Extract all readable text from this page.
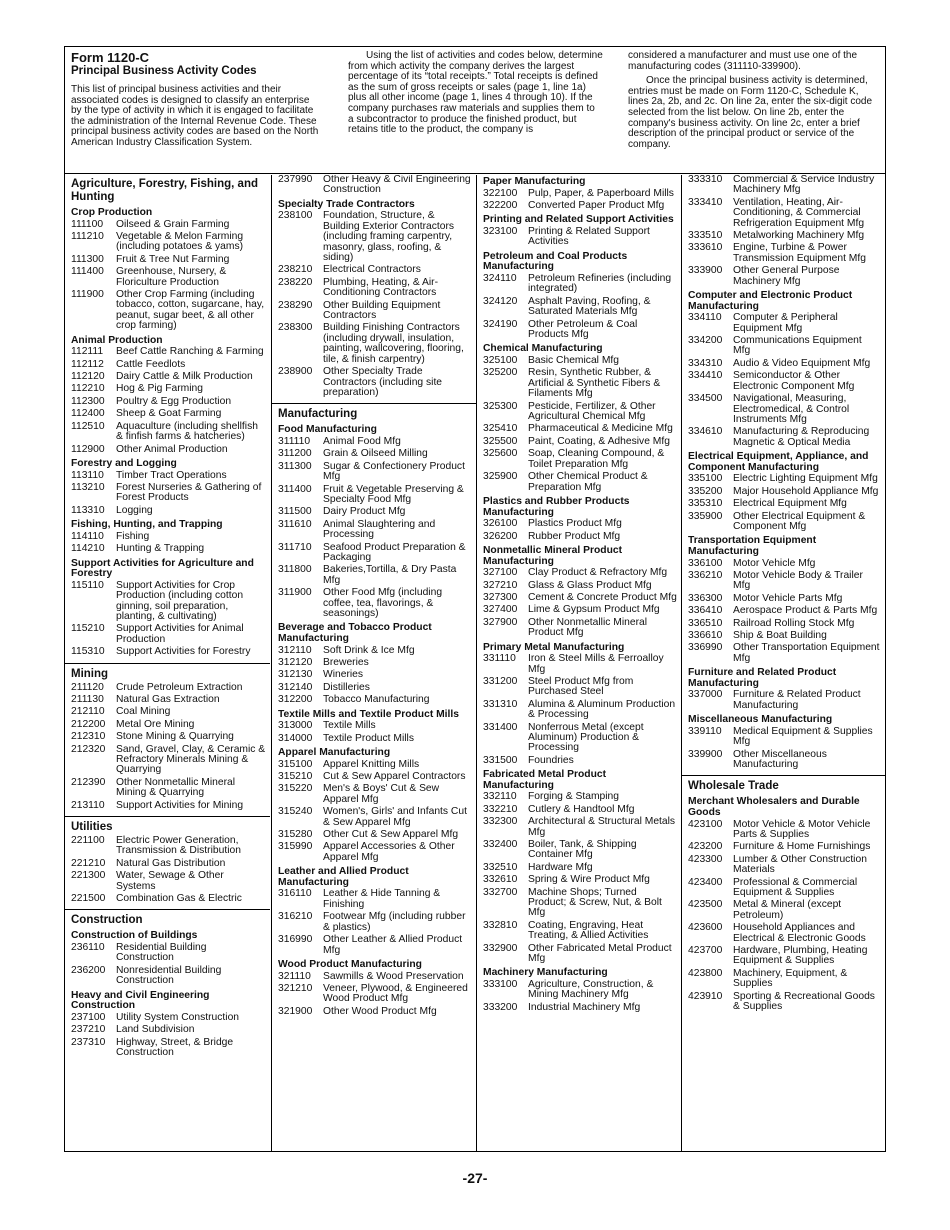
Form 1120-C
Principal Business Activity Codes
This list of principal business activities and their associated codes is designed to classify an enterprise by the type of activity in which it is engaged to facilitate the administration of the Internal Revenue Code. These principal business activity codes are based on the North American Industry Classification System.
Using the list of activities and codes below, determine from which activity the company derives the largest percentage of its “total receipts.” Total receipts is defined as the sum of gross receipts or sales (page 1, line 1a) plus all other income (page 1, lines 4 through 10). If the company purchases raw materials and supplies them to a subcontractor to produce the finished product, but retains title to the product, the company is
considered a manufacturer and must use one of the manufacturing codes (311110-339900).
Once the principal business activity is determined, entries must be made on Form 1120-C, Schedule K, lines 2a, 2b, and 2c. On line 2a, enter the six-digit code selected from the list below. On line 2b, enter the company's business activity. On line 2c, enter a brief description of the principal product or service of the company.
Agriculture, Forestry, Fishing, and Hunting
Crop Production
111100	Oilseed & Grain Farming
111210	Vegetable & Melon Farming (including potatoes & yams)
111300	Fruit & Tree Nut Farming
111400	Greenhouse, Nursery, & Floriculture Production
111900	Other Crop Farming (including tobacco, cotton, sugarcane, hay, peanut, sugar beet, & all other crop farming)
Animal Production
112111	Beef Cattle Ranching & Farming
112112	Cattle Feedlots
112120	Dairy Cattle & Milk Production
112210	Hog & Pig Farming
112300	Poultry & Egg Production
112400	Sheep & Goat Farming
112510	Aquaculture (including shellfish & finfish farms & hatcheries)
112900	Other Animal Production
Forestry and Logging
113110	Timber Tract Operations
113210	Forest Nurseries & Gathering of Forest Products
113310	Logging
Fishing, Hunting, and Trapping
114110	Fishing
114210	Hunting & Trapping
Support Activities for Agriculture and Forestry
115110	Support Activities for Crop Production (including cotton ginning, soil preparation, planting, & cultivating)
115210	Support Activities for Animal Production
115310	Support Activities for Forestry
Mining
211120	Crude Petroleum Extraction
211130	Natural Gas Extraction
212110	Coal Mining
212200	Metal Ore Mining
212310	Stone Mining & Quarrying
212320	Sand, Gravel, Clay, & Ceramic & Refractory Minerals Mining & Quarrying
212390	Other Nonmetallic Mineral Mining & Quarrying
213110	Support Activities for Mining
Utilities
221100	Electric Power Generation, Transmission & Distribution
221210	Natural Gas Distribution
221300	Water, Sewage & Other Systems
221500	Combination Gas & Electric
Construction
Construction of Buildings
236110	Residential Building Construction
236200	Nonresidential Building Construction
Heavy and Civil Engineering Construction
237100	Utility System Construction
237210	Land Subdivision
237310	Highway, Street, & Bridge Construction
237990	Other Heavy & Civil Engineering Construction
Specialty Trade Contractors
238100	Foundation, Structure, & Building Exterior Contractors (including framing carpentry, masonry, glass, roofing, & siding)
238210	Electrical Contractors
238220	Plumbing, Heating, & Air-Conditioning Contractors
238290	Other Building Equipment Contractors
238300	Building Finishing Contractors (including drywall, insulation, painting, wallcovering, flooring, tile, & finish carpentry)
238900	Other Specialty Trade Contractors (including site preparation)
Manufacturing
Food Manufacturing
311110	Animal Food Mfg
311200	Grain & Oilseed Milling
311300	Sugar & Confectionery Product Mfg
311400	Fruit & Vegetable Preserving & Specialty Food Mfg
311500	Dairy Product Mfg
311610	Animal Slaughtering and Processing
311710	Seafood Product Preparation & Packaging
311800	Bakeries,Tortilla, & Dry Pasta Mfg
311900	Other Food Mfg (including coffee, tea, flavorings, & seasonings)
Beverage and Tobacco Product Manufacturing
312110	Soft Drink & Ice Mfg
312120	Breweries
312130	Wineries
312140	Distilleries
312200	Tobacco Manufacturing
Textile Mills and Textile Product Mills
313000	Textile Mills
314000	Textile Product Mills
Apparel Manufacturing
315100	Apparel Knitting Mills
315210	Cut & Sew Apparel Contractors
315220	Men's & Boys' Cut & Sew Apparel Mfg
315240	Women's, Girls' and Infants Cut & Sew Apparel Mfg
315280	Other Cut & Sew Apparel Mfg
315990	Apparel Accessories & Other Apparel Mfg
Leather and Allied Product Manufacturing
316110	Leather & Hide Tanning & Finishing
316210	Footwear Mfg (including rubber & plastics)
316990	Other Leather & Allied Product Mfg
Wood Product Manufacturing
321110	Sawmills & Wood Preservation
321210	Veneer, Plywood, & Engineered Wood Product Mfg
321900	Other Wood Product Mfg
Paper Manufacturing
322100	Pulp, Paper, & Paperboard Mills
322200	Converted Paper Product Mfg
Printing and Related Support Activities
323100	Printing & Related Support Activities
Petroleum and Coal Products Manufacturing
324110	Petroleum Refineries (including integrated)
324120	Asphalt Paving, Roofing, & Saturated Materials Mfg
324190	Other Petroleum & Coal Products Mfg
Chemical Manufacturing
325100	Basic Chemical Mfg
325200	Resin, Synthetic Rubber, & Artificial & Synthetic Fibers & Filaments Mfg
325300	Pesticide, Fertilizer, & Other Agricultural Chemical Mfg
325410	Pharmaceutical & Medicine Mfg
325500	Paint, Coating, & Adhesive Mfg
325600	Soap, Cleaning Compound, & Toilet Preparation Mfg
325900	Other Chemical Product & Preparation Mfg
Plastics and Rubber Products Manufacturing
326100	Plastics Product Mfg
326200	Rubber Product Mfg
Nonmetallic Mineral Product Manufacturing
327100	Clay Product & Refractory Mfg
327210	Glass & Glass Product Mfg
327300	Cement & Concrete Product Mfg
327400	Lime & Gypsum Product Mfg
327900	Other Nonmetallic Mineral Product Mfg
Primary Metal Manufacturing
331110	Iron & Steel Mills & Ferroalloy Mfg
331200	Steel Product Mfg from Purchased Steel
331310	Alumina & Aluminum Production & Processing
331400	Nonferrous Metal (except Aluminum) Production & Processing
331500	Foundries
Fabricated Metal Product Manufacturing
332110	Forging & Stamping
332210	Cutlery & Handtool Mfg
332300	Architectural & Structural Metals Mfg
332400	Boiler, Tank, & Shipping Container Mfg
332510	Hardware Mfg
332610	Spring & Wire Product Mfg
332700	Machine Shops; Turned Product; & Screw, Nut, & Bolt Mfg
332810	Coating, Engraving, Heat Treating, & Allied Activities
332900	Other Fabricated Metal Product Mfg
Machinery Manufacturing
333100	Agriculture, Construction, & Mining Machinery Mfg
333200	Industrial Machinery Mfg
333310	Commercial & Service Industry Machinery Mfg
333410	Ventilation, Heating, Air-Conditioning, & Commercial Refrigeration Equipment Mfg
333510	Metalworking Machinery Mfg
333610	Engine, Turbine & Power Transmission Equipment Mfg
333900	Other General Purpose Machinery Mfg
Computer and Electronic Product Manufacturing
334110	Computer & Peripheral Equipment Mfg
334200	Communications Equipment Mfg
334310	Audio & Video Equipment Mfg
334410	Semiconductor & Other Electronic Component Mfg
334500	Navigational, Measuring, Electromedical, & Control Instruments Mfg
334610	Manufacturing & Reproducing Magnetic & Optical Media
Electrical Equipment, Appliance, and Component Manufacturing
335100	Electric Lighting Equipment Mfg
335200	Major Household Appliance Mfg
335310	Electrical Equipment Mfg
335900	Other Electrical Equipment & Component Mfg
Transportation Equipment Manufacturing
336100	Motor Vehicle Mfg
336210	Motor Vehicle Body & Trailer Mfg
336300	Motor Vehicle Parts Mfg
336410	Aerospace Product & Parts Mfg
336510	Railroad Rolling Stock Mfg
336610	Ship & Boat Building
336990	Other Transportation Equipment Mfg
Furniture and Related Product Manufacturing
337000	Furniture & Related Product Manufacturing
Miscellaneous Manufacturing
339110	Medical Equipment & Supplies Mfg
339900	Other Miscellaneous Manufacturing
Wholesale Trade
Merchant Wholesalers and Durable Goods
423100	Motor Vehicle & Motor Vehicle Parts & Supplies
423200	Furniture & Home Furnishings
423300	Lumber & Other Construction Materials
423400	Professional & Commercial Equipment & Supplies
423500	Metal & Mineral (except Petroleum)
423600	Household Appliances and Electrical & Electronic Goods
423700	Hardware, Plumbing, Heating Equipment & Supplies
423800	Machinery, Equipment, & Supplies
423910	Sporting & Recreational Goods & Supplies
-27-
